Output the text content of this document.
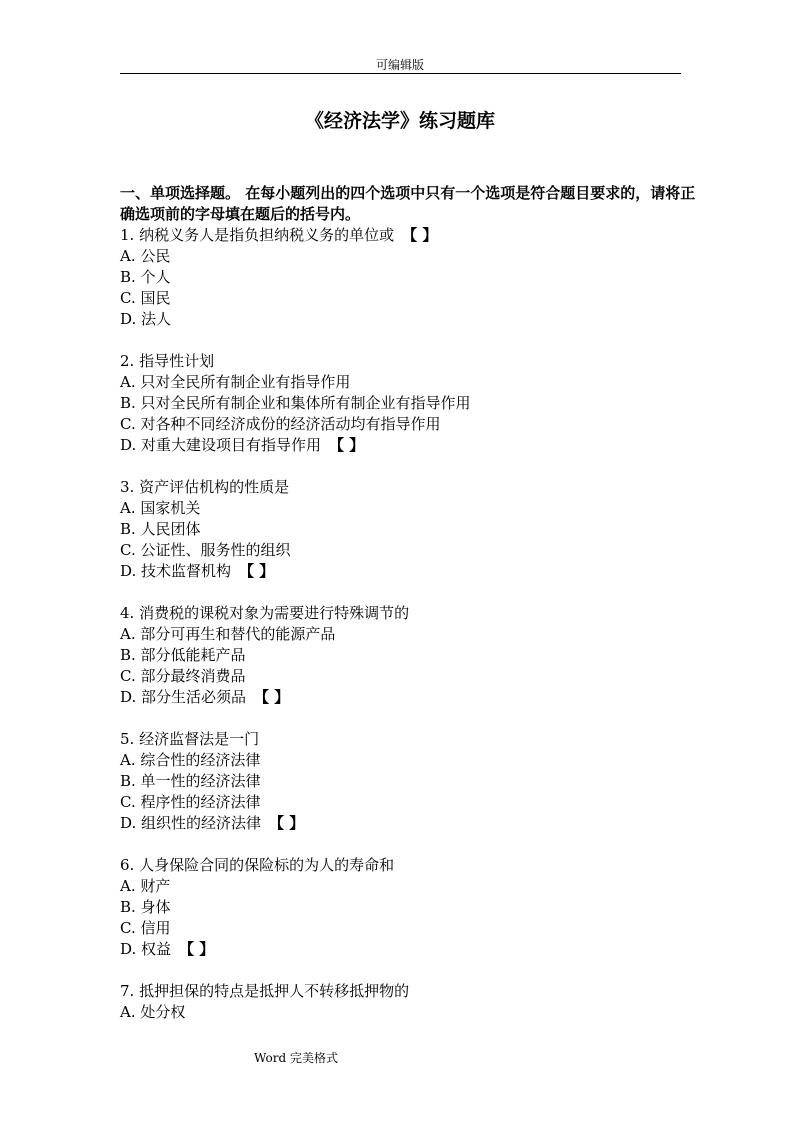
可编辑版
《经济法学》练习题库
一、单项选择题。 在每小题列出的四个选项中只有一个选项是符合题目要求的，请将正确选项前的字母填在题后的括号内。
1. 纳税义务人是指负担纳税义务的单位或 【 】
A. 公民
B. 个人
C. 国民
D. 法人
2. 指导性计划
A. 只对全民所有制企业有指导作用
B. 只对全民所有制企业和集体所有制企业有指导作用
C. 对各种不同经济成份的经济活动均有指导作用
D. 对重大建设项目有指导作用 【 】
3. 资产评估机构的性质是
A. 国家机关
B. 人民团体
C. 公证性、服务性的组织
D. 技术监督机构 【 】
4. 消费税的课税对象为需要进行特殊调节的
A. 部分可再生和替代的能源产品
B. 部分低能耗产品
C. 部分最终消费品
D. 部分生活必须品 【 】
5. 经济监督法是一门
A. 综合性的经济法律
B. 单一性的经济法律
C. 程序性的经济法律
D. 组织性的经济法律 【 】
6. 人身保险合同的保险标的为人的寿命和
A. 财产
B. 身体
C. 信用
D. 权益 【 】
7. 抵押担保的特点是抵押人不转移抵押物的
A. 处分权
Word 完美格式
